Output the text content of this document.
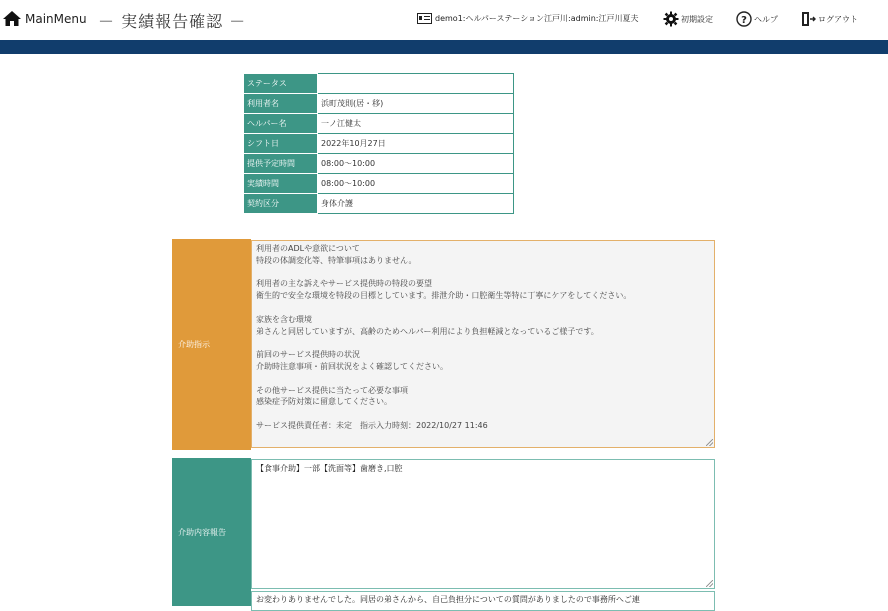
MainMenu － 実績報告確認 －	demo1:ヘルパーステーション江戸川:admin:江戸川夏夫	初期設定	? ヘルプ	ログアウト
ステータス	
利用者名	浜町茂則(居・移)
ヘルパー名	一ノ江健太
シフト日	2022年10月27日
提供予定時間	08:00〜10:00
実績時間	08:00〜10:00
契約区分	身体介護
介助指示

利用者のADLや意欲について

特段の体調変化等、特筆事項はありません。

利用者の主な訴えやサービス提供時の特段の要望

衛生的で安全な環境を特段の目標としています。排泄介助・口腔衛生等特に丁寧にケアをしてください。

家族を含む環境

弟さんと同居していますが、高齢のためヘルパー利用により負担軽減となっているご様子です。

前回のサービス提供時の状況

介助時注意事項・前回状況をよく確認してください。

その他サービス提供に当たって必要な事項

感染症予防対策に留意してください。

サービス提供責任者：未定　指示入力時刻：2022/10/27 11:46

介助内容報告
【食事介助】一部【洗面等】歯磨き,口腔
お変わりありませんでした。同居の弟さんから、自己負担分についての質問がありましたので事務所へご連
